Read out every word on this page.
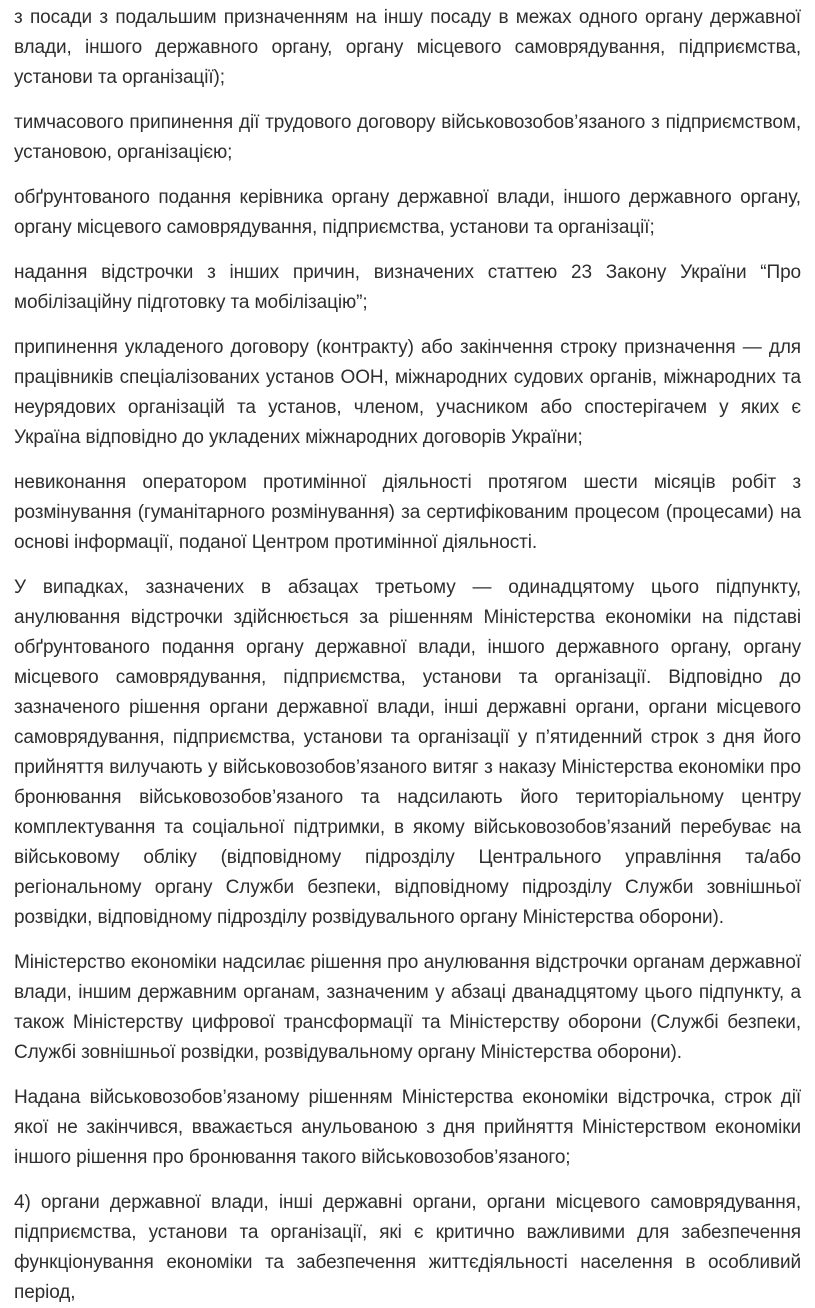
з посади з подальшим призначенням на іншу посаду в межах одного органу державної влади, іншого державного органу, органу місцевого самоврядування, підприємства, установи та організації);

тимчасового припинення дії трудового договору військовозобов’язаного з підприємством, установою, організацією;

обґрунтованого подання керівника органу державної влади, іншого державного органу, органу місцевого самоврядування, підприємства, установи та організації;

надання відстрочки з інших причин, визначених статтею 23 Закону України “Про мобілізаційну підготовку та мобілізацію”;

припинення укладеного договору (контракту) або закінчення строку призначення — для працівників спеціалізованих установ ООН, міжнародних судових органів, міжнародних та неурядових організацій та установ, членом, учасником або спостерігачем у яких є Україна відповідно до укладених міжнародних договорів України;

невиконання оператором протимінної діяльності протягом шести місяців робіт з розмінування (гуманітарного розмінування) за сертифікованим процесом (процесами) на основі інформації, поданої Центром протимінної діяльності.

У випадках, зазначених в абзацах третьому — одинадцятому цього підпункту, анулювання відстрочки здійснюється за рішенням Міністерства економіки на підставі обґрунтованого подання органу державної влади, іншого державного органу, органу місцевого самоврядування, підприємства, установи та організації. Відповідно до зазначеного рішення органи державної влади, інші державні органи, органи місцевого самоврядування, підприємства, установи та організації у п’ятиденний строк з дня його прийняття вилучають у військовозобов’язаного витяг з наказу Міністерства економіки про бронювання військовозобов’язаного та надсилають його територіальному центру комплектування та соціальної підтримки, в якому військовозобов’язаний перебуває на військовому обліку (відповідному підрозділу Центрального управління та/або регіональному органу Служби безпеки, відповідному підрозділу Служби зовнішньої розвідки, відповідному підрозділу розвідувального органу Міністерства оборони).

Міністерство економіки надсилає рішення про анулювання відстрочки органам державної влади, іншим державним органам, зазначеним у абзаці дванадцятому цього підпункту, а також Міністерству цифрової трансформації та Міністерству оборони (Службі безпеки, Службі зовнішньої розвідки, розвідувальному органу Міністерства оборони).

Надана військовозобов’язаному рішенням Міністерства економіки відстрочка, строк дії якої не закінчився, вважається анульованою з дня прийняття Міністерством економіки іншого рішення про бронювання такого військовозобов’язаного;

4) органи державної влади, інші державні органи, органи місцевого самоврядування, підприємства, установи та організації, які є критично важливими для забезпечення функціонування економіки та забезпечення життєдіяльності населення в особливий період,
